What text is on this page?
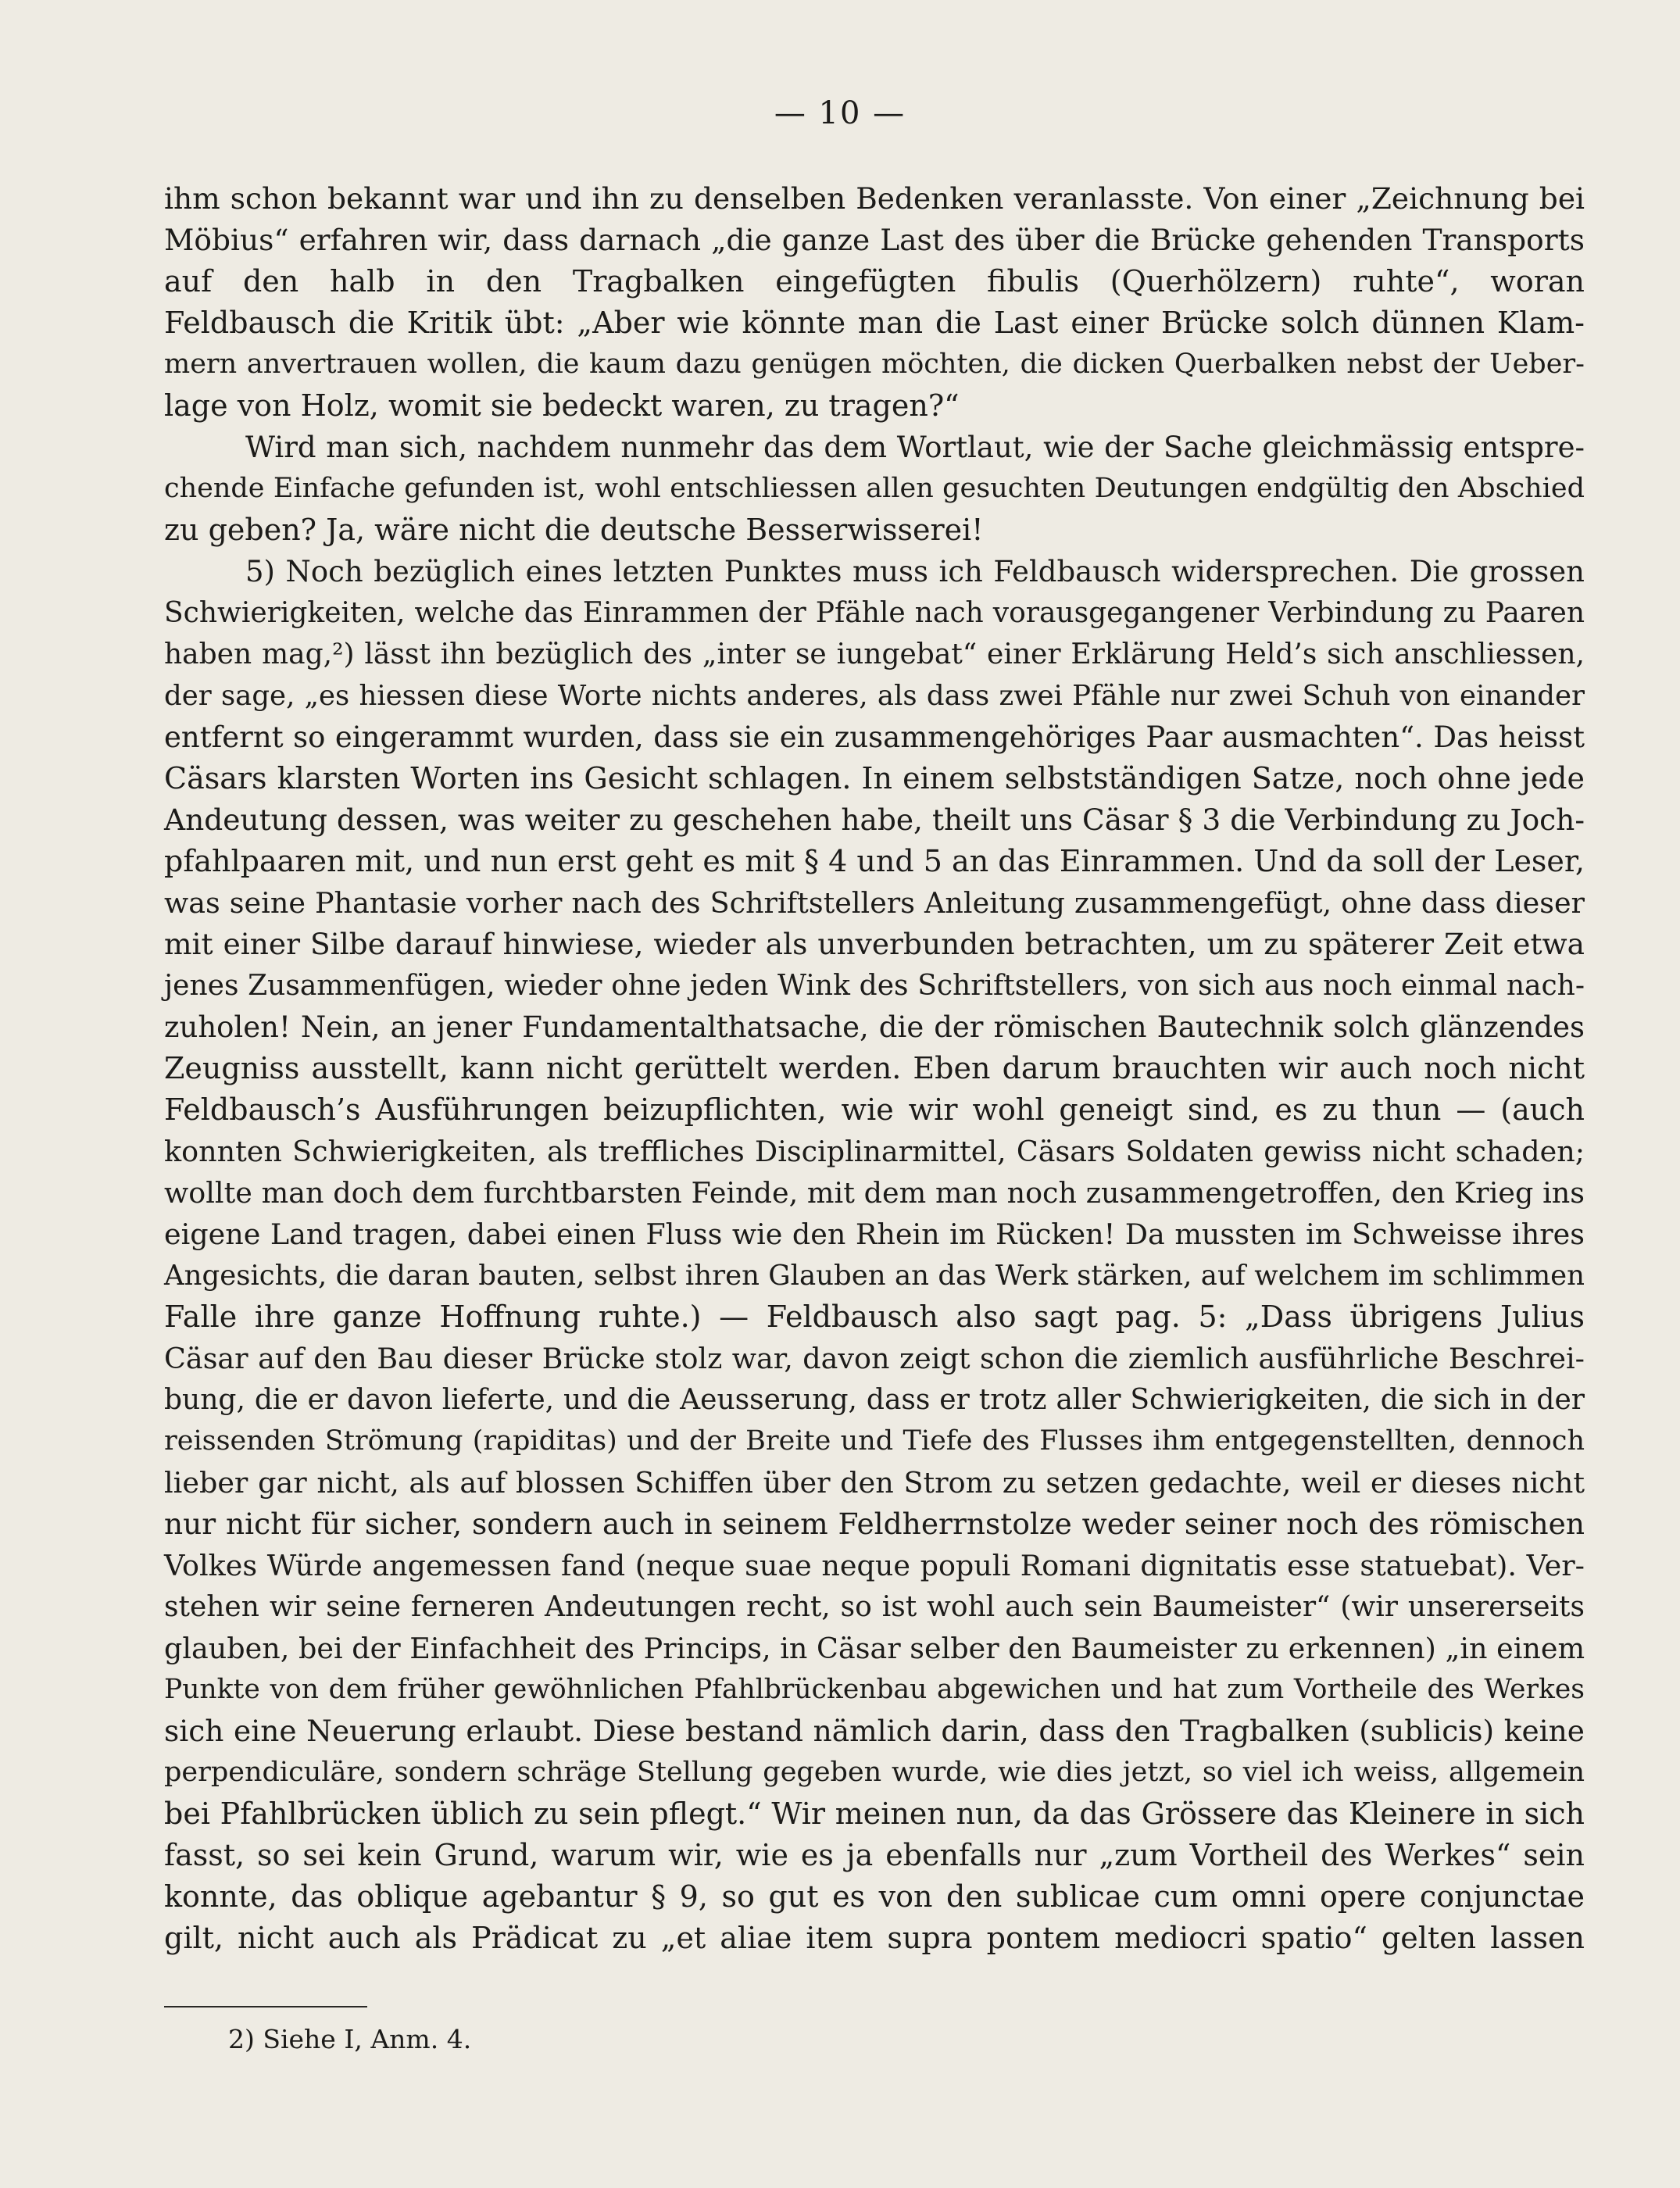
— 10 —
ihm schon bekannt war und ihn zu denselben Bedenken veranlasste. Von einer „Zeichnung bei
Möbius“ erfahren wir, dass darnach „die ganze Last des über die Brücke gehenden Transports
auf den halb in den Tragbalken eingefügten fibulis (Querhölzern) ruhte“, woran
Feldbausch die Kritik übt: „Aber wie könnte man die Last einer Brücke solch dünnen Klam-
mern anvertrauen wollen, die kaum dazu genügen möchten, die dicken Querbalken nebst der Ueber-
lage von Holz, womit sie bedeckt waren, zu tragen?“
Wird man sich, nachdem nunmehr das dem Wortlaut, wie der Sache gleichmässig entspre-
chende Einfache gefunden ist, wohl entschliessen allen gesuchten Deutungen endgültig den Abschied
zu geben? Ja, wäre nicht die deutsche Besserwisserei!
5) Noch bezüglich eines letzten Punktes muss ich Feldbausch widersprechen. Die grossen
Schwierigkeiten, welche das Einrammen der Pfähle nach vorausgegangener Verbindung zu Paaren
haben mag,²) lässt ihn bezüglich des „inter se iungebat“ einer Erklärung Held’s sich anschliessen,
der sage, „es hiessen diese Worte nichts anderes, als dass zwei Pfähle nur zwei Schuh von einander
entfernt so eingerammt wurden, dass sie ein zusammengehöriges Paar ausmachten“. Das heisst
Cäsars klarsten Worten ins Gesicht schlagen. In einem selbstständigen Satze, noch ohne jede
Andeutung dessen, was weiter zu geschehen habe, theilt uns Cäsar § 3 die Verbindung zu Joch-
pfahlpaaren mit, und nun erst geht es mit § 4 und 5 an das Einrammen. Und da soll der Leser,
was seine Phantasie vorher nach des Schriftstellers Anleitung zusammengefügt, ohne dass dieser
mit einer Silbe darauf hinwiese, wieder als unverbunden betrachten, um zu späterer Zeit etwa
jenes Zusammenfügen, wieder ohne jeden Wink des Schriftstellers, von sich aus noch einmal nach-
zuholen! Nein, an jener Fundamentalthatsache, die der römischen Bautechnik solch glänzendes
Zeugniss ausstellt, kann nicht gerüttelt werden. Eben darum brauchten wir auch noch nicht
Feldbausch’s Ausführungen beizupflichten, wie wir wohl geneigt sind, es zu thun — (auch
konnten Schwierigkeiten, als treffliches Disciplinarmittel, Cäsars Soldaten gewiss nicht schaden;
wollte man doch dem furchtbarsten Feinde, mit dem man noch zusammengetroffen, den Krieg ins
eigene Land tragen, dabei einen Fluss wie den Rhein im Rücken! Da mussten im Schweisse ihres
Angesichts, die daran bauten, selbst ihren Glauben an das Werk stärken, auf welchem im schlimmen
Falle ihre ganze Hoffnung ruhte.) — Feldbausch also sagt pag. 5: „Dass übrigens Julius
Cäsar auf den Bau dieser Brücke stolz war, davon zeigt schon die ziemlich ausführliche Beschrei-
bung, die er davon lieferte, und die Aeusserung, dass er trotz aller Schwierigkeiten, die sich in der
reissenden Strömung (rapiditas) und der Breite und Tiefe des Flusses ihm entgegenstellten, dennoch
lieber gar nicht, als auf blossen Schiffen über den Strom zu setzen gedachte, weil er dieses nicht
nur nicht für sicher, sondern auch in seinem Feldherrnstolze weder seiner noch des römischen
Volkes Würde angemessen fand (neque suae neque populi Romani dignitatis esse statuebat). Ver-
stehen wir seine ferneren Andeutungen recht, so ist wohl auch sein Baumeister“ (wir unsererseits
glauben, bei der Einfachheit des Princips, in Cäsar selber den Baumeister zu erkennen) „in einem
Punkte von dem früher gewöhnlichen Pfahlbrückenbau abgewichen und hat zum Vortheile des Werkes
sich eine Neuerung erlaubt. Diese bestand nämlich darin, dass den Tragbalken (sublicis) keine
perpendiculäre, sondern schräge Stellung gegeben wurde, wie dies jetzt, so viel ich weiss, allgemein
bei Pfahlbrücken üblich zu sein pflegt.“ Wir meinen nun, da das Grössere das Kleinere in sich
fasst, so sei kein Grund, warum wir, wie es ja ebenfalls nur „zum Vortheil des Werkes“ sein
konnte, das oblique agebantur § 9, so gut es von den sublicae cum omni opere conjunctae
gilt, nicht auch als Prädicat zu „et aliae item supra pontem mediocri spatio“ gelten lassen
2) Siehe I, Anm. 4.
